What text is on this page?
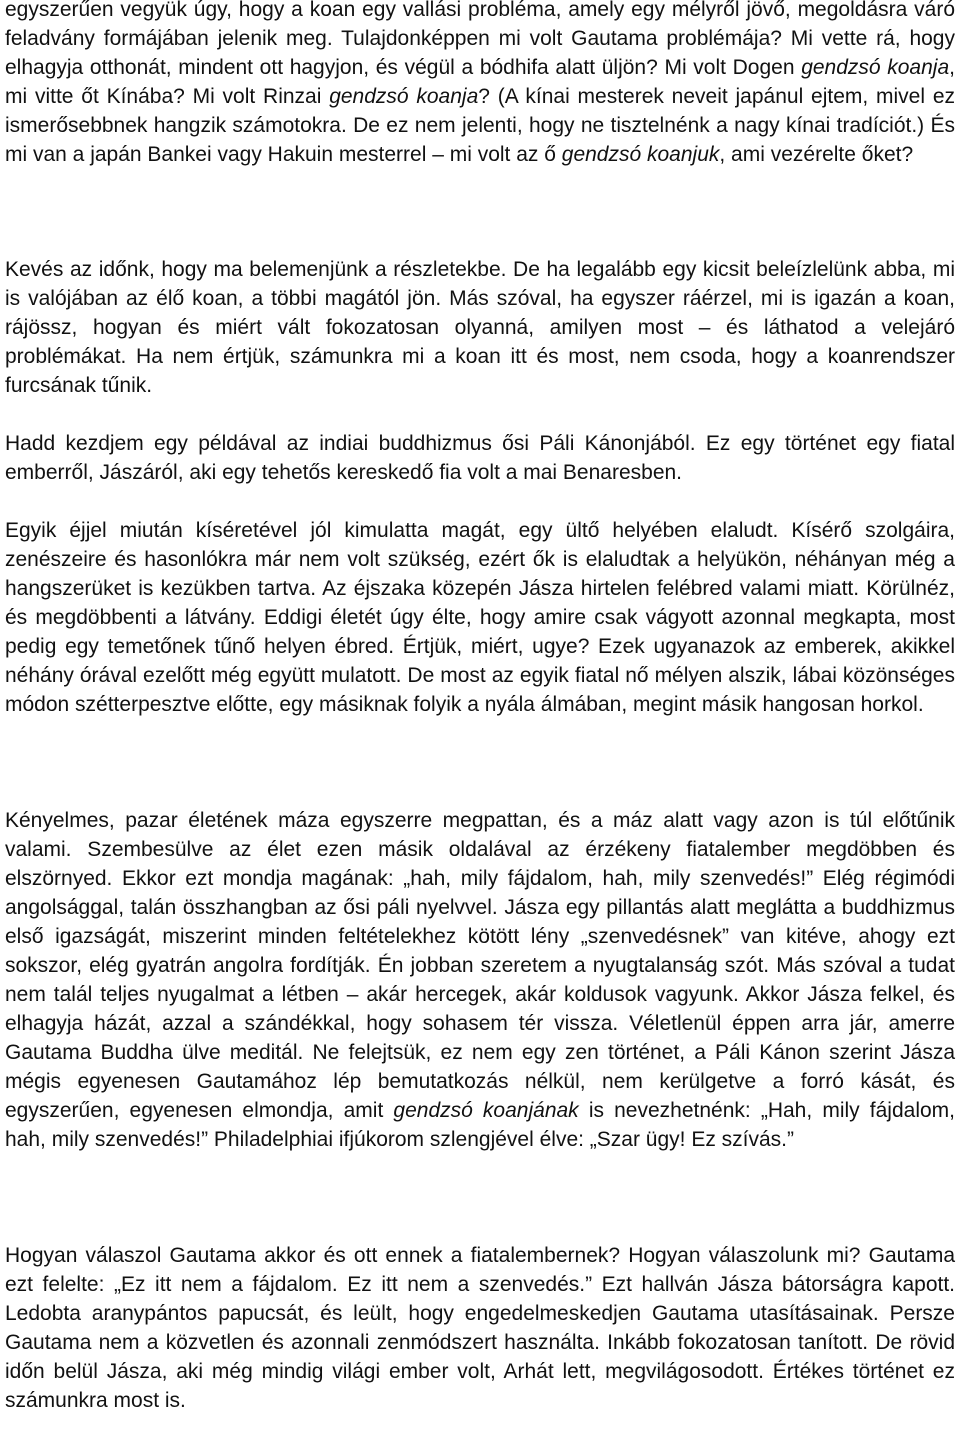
egyszerűen vegyük úgy, hogy a koan egy vallási probléma, amely egy mélyről jövő, megoldásra váró feladvány formájában jelenik meg. Tulajdonképpen mi volt Gautama problémája? Mi vette rá, hogy elhagyja otthonát, mindent ott hagyjon, és végül a bódhifa alatt üljön? Mi volt Dogen gendzsó koanja, mi vitte őt Kínába? Mi volt Rinzai gendzsó koanja? (A kínai mesterek neveit japánul ejtem, mivel ez ismerősebbnek hangzik számotokra. De ez nem jelenti, hogy ne tisztelnénk a nagy kínai tradíciót.) És mi van a japán Bankei vagy Hakuin mesterrel – mi volt az ő gendzsó koanjuk, ami vezérelte őket?

Kevés az időnk, hogy ma belemenjünk a részletekbe. De ha legalább egy kicsit beleízlelünk abba, mi is valójában az élő koan, a többi magától jön. Más szóval, ha egyszer ráérzel, mi is igazán a koan, rájössz, hogyan és miért vált fokozatosan olyanná, amilyen most – és láthatod a velejáró problémákat. Ha nem értjük, számunkra mi a koan itt és most, nem csoda, hogy a koanrendszer furcsának tűnik.

Hadd kezdjem egy példával az indiai buddhizmus ősi Páli Kánonjából. Ez egy történet egy fiatal emberről, Jászáról, aki egy tehetős kereskedő fia volt a mai Benaresben.

Egyik éjjel miután kíséretével jól kimulatta magát, egy ültő helyében elaludt. Kísérő szolgáira, zenészeire és hasonlókra már nem volt szükség, ezért ők is elaludtak a helyükön, néhányan még a hangszerüket is kezükben tartva. Az éjszaka közepén Jásza hirtelen felébred valami miatt. Körülnéz, és megdöbbenti a látvány. Eddigi életét úgy élte, hogy amire csak vágyott azonnal megkapta, most pedig egy temetőnek tűnő helyen ébred. Értjük, miért, ugye? Ezek ugyanazok az emberek, akikkel néhány órával ezelőtt még együtt mulatott. De most az egyik fiatal nő mélyen alszik, lábai közönséges módon szétterpesztve előtte, egy másiknak folyik a nyála álmában, megint másik hangosan horkol.

Kényelmes, pazar életének máza egyszerre megpattan, és a máz alatt vagy azon is túl előtűnik valami. Szembesülve az élet ezen másik oldalával az érzékeny fiatalember megdöbben és elszörnyed. Ekkor ezt mondja magának: „hah, mily fájdalom, hah, mily szenvedés!” Elég régimódi angolsággal, talán összhangban az ősi páli nyelvvel. Jásza egy pillantás alatt meglátta a buddhizmus első igazságát, miszerint minden feltételekhez kötött lény „szenvedésnek” van kitéve, ahogy ezt sokszor, elég gyatrán angolra fordítják. Én jobban szeretem a nyugtalanság szót. Más szóval a tudat nem talál teljes nyugalmat a létben – akár hercegek, akár koldusok vagyunk. Akkor Jásza felkel, és elhagyja házát, azzal a szándékkal, hogy sohasem tér vissza. Véletlenül éppen arra jár, amerre Gautama Buddha ülve meditál. Ne felejtsük, ez nem egy zen történet, a Páli Kánon szerint Jásza mégis egyenesen Gautamához lép bemutatkozás nélkül, nem kerülgetve a forró kását, és egyszerűen, egyenesen elmondja, amit gendzsó koanjának is nevezhetnénk: „Hah, mily fájdalom, hah, mily szenvedés!” Philadelphiai ifjúkorom szlengjével élve: „Szar ügy! Ez szívás.”

Hogyan válaszol Gautama akkor és ott ennek a fiatalembernek? Hogyan válaszolunk mi? Gautama ezt felelte: „Ez itt nem a fájdalom. Ez itt nem a szenvedés.” Ezt hallván Jásza bátorságra kapott. Ledobta aranypántos papucsát, és leült, hogy engedelmeskedjen Gautama utasításainak. Persze Gautama nem a közvetlen és azonnali zenmódszert használta. Inkább fokozatosan tanított. De rövid időn belül Jásza, aki még mindig világi ember volt, Arhát lett, megvilágosodott. Értékes történet ez számunkra most is.
